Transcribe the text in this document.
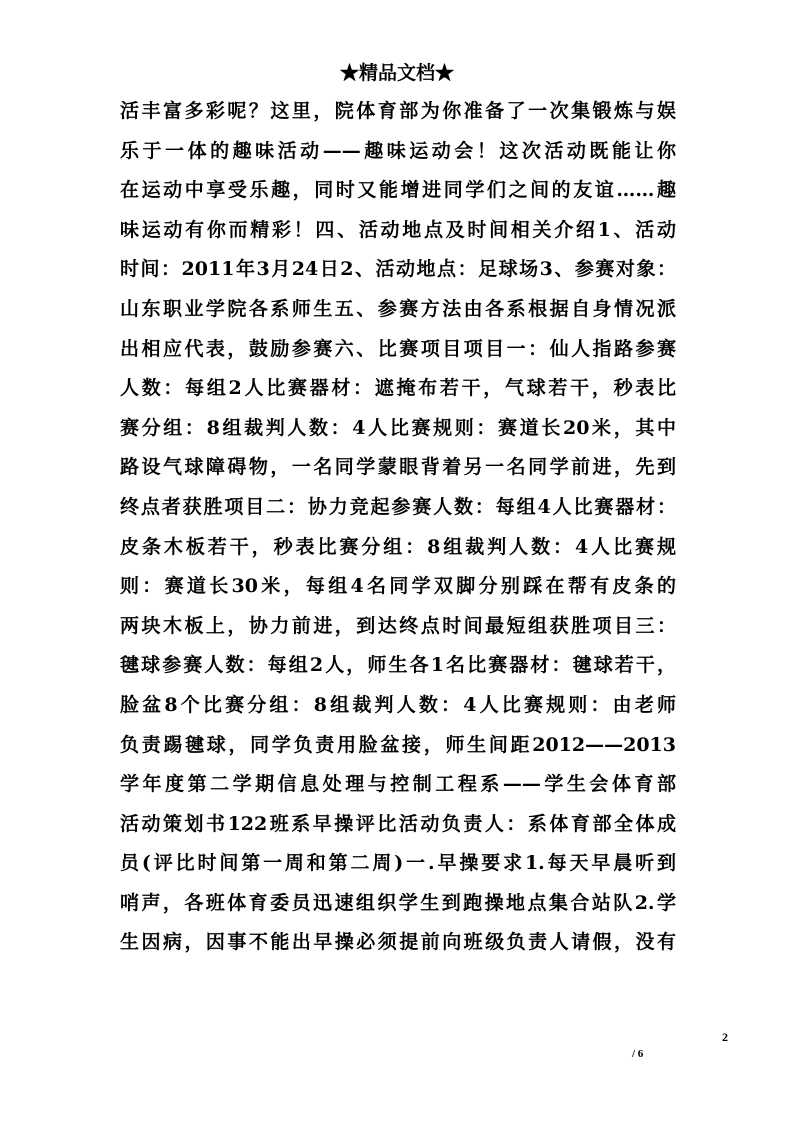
★精品文档★
活丰富多彩呢？这里，院体育部为你准备了一次集锻炼与娱
乐于一体的趣味活动——趣味运动会！这次活动既能让你
在运动中享受乐趣，同时又能增进同学们之间的友谊……趣
味运动有你而精彩！四、活动地点及时间相关介绍1、活动
时间：2011年3月24日2、活动地点：足球场3、参赛对象：
山东职业学院各系师生五、参赛方法由各系根据自身情况派
出相应代表，鼓励参赛六、比赛项目项目一：仙人指路参赛
人数：每组2人比赛器材：遮掩布若干，气球若干，秒表比
赛分组：8组裁判人数：4人比赛规则：赛道长20米，其中
路设气球障碍物，一名同学蒙眼背着另一名同学前进，先到
终点者获胜项目二：协力竞起参赛人数：每组4人比赛器材：
皮条木板若干，秒表比赛分组：8组裁判人数：4人比赛规
则：赛道长30米，每组4名同学双脚分别踩在帮有皮条的
两块木板上，协力前进，到达终点时间最短组获胜项目三：
毽球参赛人数：每组2人，师生各1名比赛器材：毽球若干，
脸盆8个比赛分组：8组裁判人数：4人比赛规则：由老师
负责踢毽球，同学负责用脸盆接，师生间距2012——2013
学年度第二学期信息处理与控制工程系——学生会体育部
活动策划书122班系早操评比活动负责人：系体育部全体成
员(评比时间第一周和第二周)一.早操要求1.每天早晨听到
哨声，各班体育委员迅速组织学生到跑操地点集合站队2.学
生因病，因事不能出早操必须提前向班级负责人请假，没有
2
/ 6
